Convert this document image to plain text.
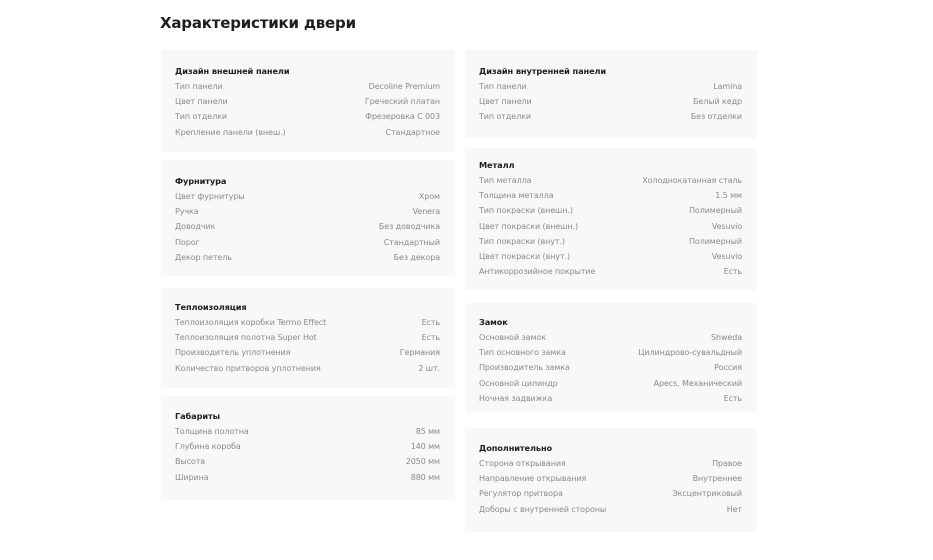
Характеристики двери
Дизайн внешней панели
Тип панели	Decoline Premium
Цвет панели	Греческий платан
Тип отделки	Фрезеровка С 003
Крепление панели (внеш.)	Стандартное
Фурнитура
Цвет фурнитуры	Хром
Ручка	Venera
Доводчик	Без доводчика
Порог	Стандартный
Декор петель	Без декора
Теплоизоляция
Теплоизоляция коробки Termo Effect	Есть
Теплоизоляция полотна Super Hot	Есть
Производитель уплотнения	Германия
Количество притворов уплотнения	2 шт.
Габариты
Толщина полотна	85 мм
Глубина короба	140 мм
Высота	2050 мм
Ширина	880 мм
Дизайн внутренней панели
Тип панели	Lamina
Цвет панели	Белый кедр
Тип отделки	Без отделки
Металл
Тип металла	Холоднокатанная сталь
Толщина металла	1.5 мм
Тип покраски (внешн.)	Полимерный
Цвет покраски (внешн.)	Vesuvio
Тип покраски (внут.)	Полимерный
Цвет покраски (внут.)	Vesuvio
Антикоррозийное покрытие	Есть
Замок
Основной замок	Shweda
Тип основного замка	Цилиндрово-сувальдный
Производитель замка	Россия
Основной цилиндр	Apecs, Механический
Ночная задвижка	Есть
Дополнительно
Сторона открывания	Правое
Направление открывания	Внутреннее
Регулятор притвора	Эксцентриковый
Доборы с внутренней стороны	Нет
